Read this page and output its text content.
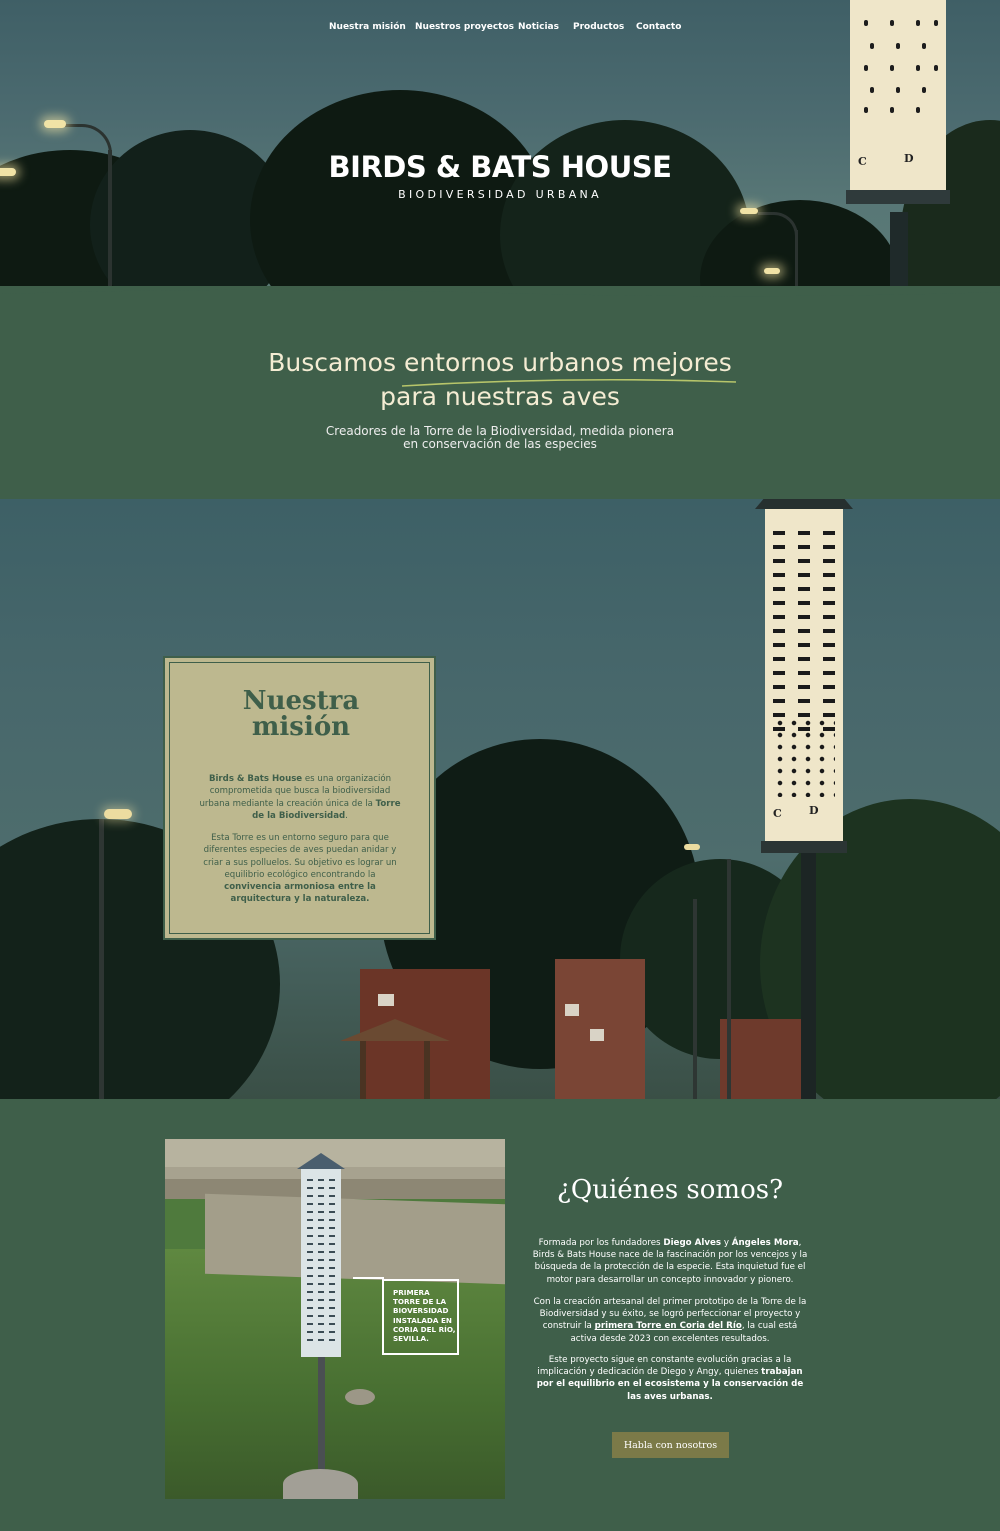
C	D
Nuestra misión Nuestros proyectos Noticias Productos Contacto
BIRDS & BATS HOUSE
BIODIVERSIDAD URBANA
Buscamos entornos urbanos mejores
para nuestras aves

Creadores de la Torre de la Biodiversidad, medida pionera

en conservación de las especies

C D
Nuestra misión

Birds & Bats House es una organización comprometida que busca la biodiversidad urbana mediante la creación única de la Torre de la Biodiversidad.

Esta Torre es un entorno seguro para que diferentes especies de aves puedan anidar y criar a sus polluelos. Su objetivo es lograr un equilibrio ecológico encontrando la convivencia armoniosa entre la arquitectura y la naturaleza.

PRIMERA TORRE DE LA BIOVERSIDAD INSTALADA EN CORIA DEL RÍO, SEVILLA.
¿Quiénes somos?

Formada por los fundadores Diego Alves y Ángeles Mora, Birds & Bats House nace de la fascinación por los vencejos y la búsqueda de la protección de la especie. Esta inquietud fue el motor para desarrollar un concepto innovador y pionero.

Con la creación artesanal del primer prototipo de la Torre de la Biodiversidad y su éxito, se logró perfeccionar el proyecto y construir la primera Torre en Coria del Río, la cual está activa desde 2023 con excelentes resultados.

Este proyecto sigue en constante evolución gracias a la implicación y dedicación de Diego y Angy, quienes trabajan por el equilibrio en el ecosistema y la conservación de las aves urbanas.

Habla con nosotros
